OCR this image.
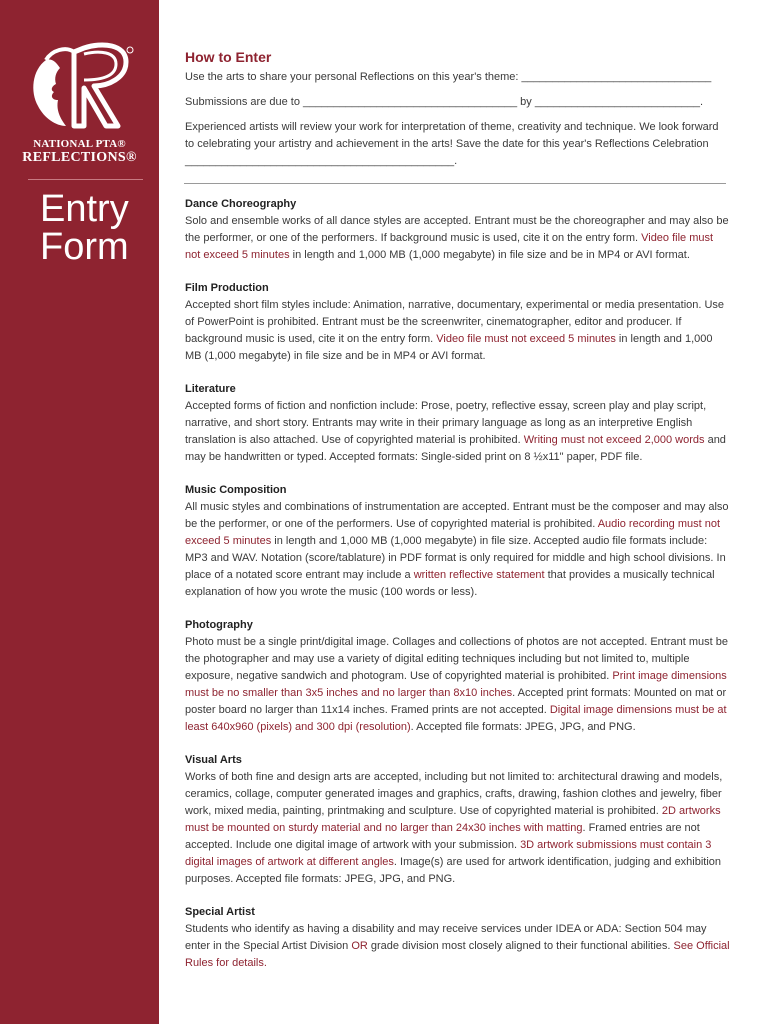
NATIONAL PTA®
REFLECTIONS®
Entry
Form
How to Enter

Use the arts to share your personal Reflections on this year's theme: _______________________________

Submissions are due to ___________________________________ by ___________________________.

Experienced artists will review your work for interpretation of theme, creativity and technique. We look forward to celebrating your artistry and achievement in the arts! Save the date for this year's Reflections Celebration ____________________________________________.

Dance Choreography

Solo and ensemble works of all dance styles are accepted. Entrant must be the choreographer and may also be the performer, or one of the performers. If background music is used, cite it on the entry form. Video file must not exceed 5 minutes in length and 1,000 MB (1,000 megabyte) in file size and be in MP4 or AVI format.

Film Production

Accepted short film styles include: Animation, narrative, documentary, experimental or media presentation. Use of PowerPoint is prohibited. Entrant must be the screenwriter, cinematographer, editor and producer. If background music is used, cite it on the entry form. Video file must not exceed 5 minutes in length and 1,000 MB (1,000 megabyte) in file size and be in MP4 or AVI format.

Literature

Accepted forms of fiction and nonfiction include: Prose, poetry, reflective essay, screen play and play script, narrative, and short story. Entrants may write in their primary language as long as an interpretive English translation is also attached. Use of copyrighted material is prohibited. Writing must not exceed 2,000 words and may be handwritten or typed. Accepted formats: Single-sided print on 8 ½x11" paper, PDF file.

Music Composition

All music styles and combinations of instrumentation are accepted. Entrant must be the composer and may also be the performer, or one of the performers. Use of copyrighted material is prohibited. Audio recording must not exceed 5 minutes in length and 1,000 MB (1,000 megabyte) in file size. Accepted audio file formats include: MP3 and WAV. Notation (score/tablature) in PDF format is only required for middle and high school divisions. In place of a notated score entrant may include a written reflective statement that provides a musically technical explanation of how you wrote the music (100 words or less).

Photography

Photo must be a single print/digital image. Collages and collections of photos are not accepted. Entrant must be the photographer and may use a variety of digital editing techniques including but not limited to, multiple exposure, negative sandwich and photogram. Use of copyrighted material is prohibited. Print image dimensions must be no smaller than 3x5 inches and no larger than 8x10 inches. Accepted print formats: Mounted on mat or poster board no larger than 11x14 inches. Framed prints are not accepted. Digital image dimensions must be at least 640x960 (pixels) and 300 dpi (resolution). Accepted file formats: JPEG, JPG, and PNG.

Visual Arts

Works of both fine and design arts are accepted, including but not limited to: architectural drawing and models, ceramics, collage, computer generated images and graphics, crafts, drawing, fashion clothes and jewelry, fiber work, mixed media, painting, printmaking and sculpture. Use of copyrighted material is prohibited. 2D artworks must be mounted on sturdy material and no larger than 24x30 inches with matting. Framed entries are not accepted. Include one digital image of artwork with your submission. 3D artwork submissions must contain 3 digital images of artwork at different angles. Image(s) are used for artwork identification, judging and exhibition purposes. Accepted file formats: JPEG, JPG, and PNG.

Special Artist

Students who identify as having a disability and may receive services under IDEA or ADA: Section 504 may enter in the Special Artist Division OR grade division most closely aligned to their functional abilities. See Official Rules for details.
